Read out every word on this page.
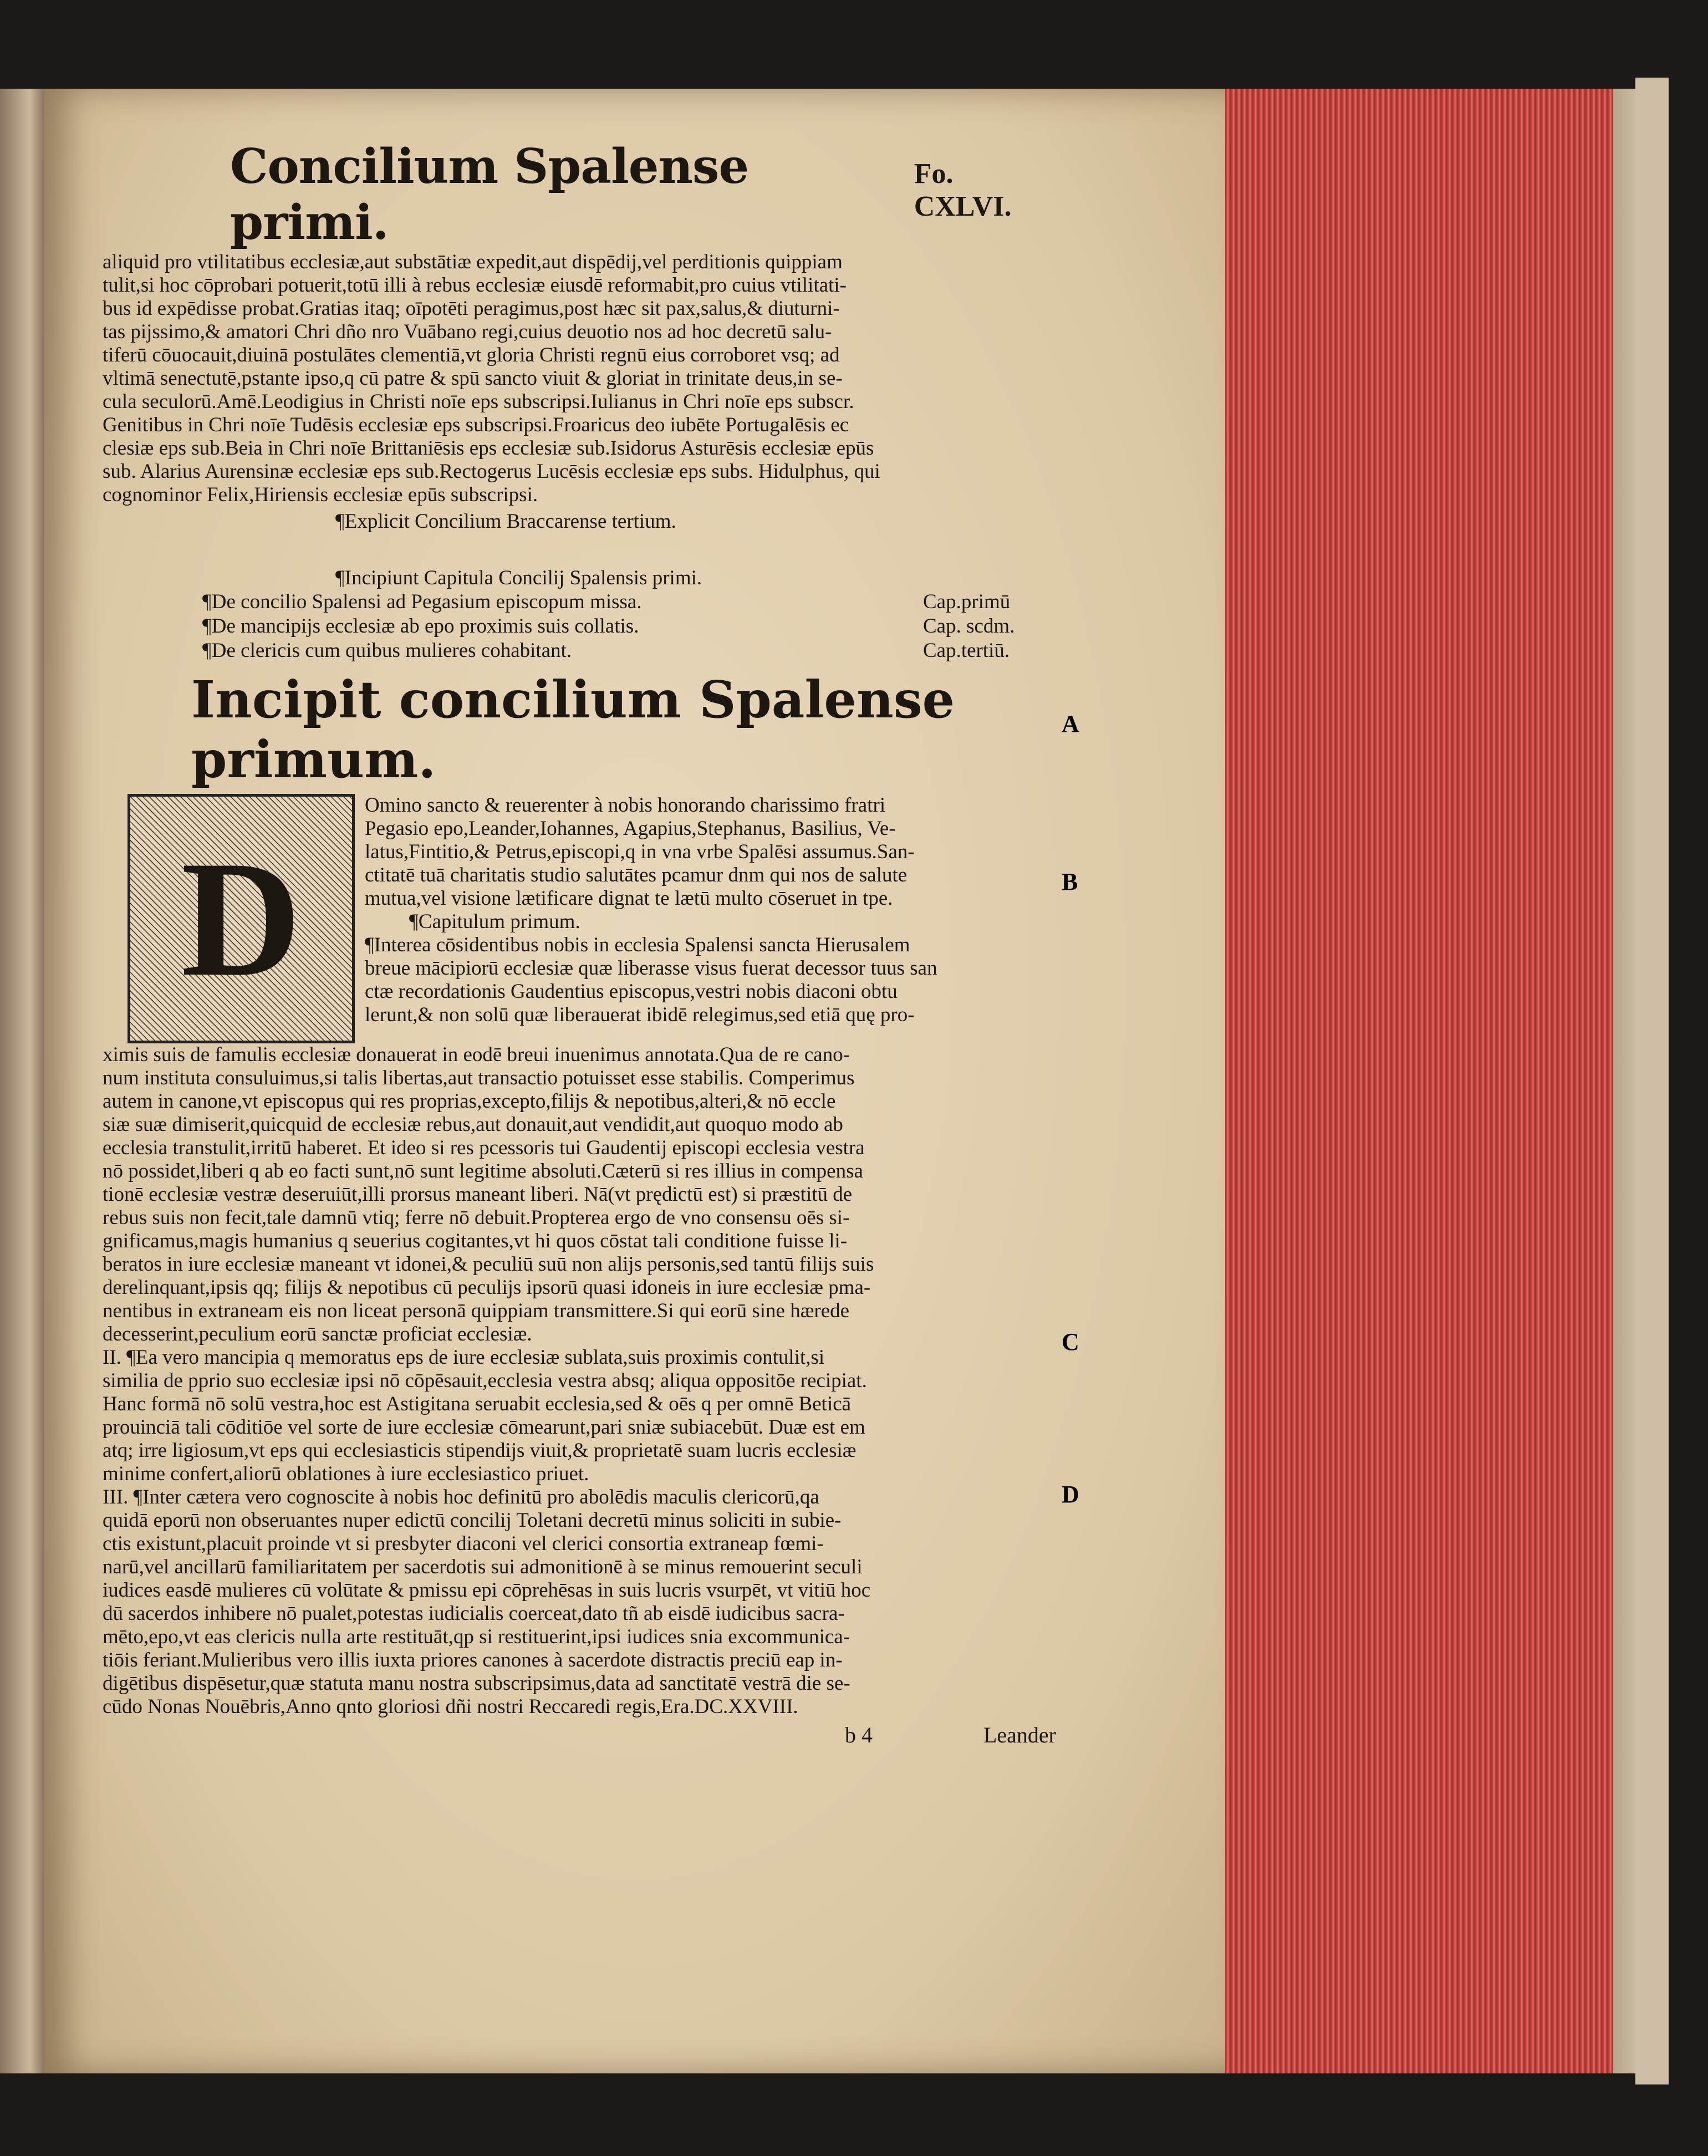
A
B
C
D
Concilium Spalense primi.
Fo. CXLVI.
aliquid pro vtilitatibus ecclesiæ,aut substātiæ expedit,aut dispēdij,vel perditionis quippiam
tulit,si hoc cōprobari potuerit,totū illi à rebus ecclesiæ eiusdē reformabit,pro cuius vtilitati-
bus id expēdisse probat.Gratias itaq; oīpotēti peragimus,post hæc sit pax,salus,& diuturni-
tas pijssimo,& amatori Chri dño nro Vuābano regi,cuius deuotio nos ad hoc decretū salu-
tiferū cōuocauit,diuinā postulātes clementiā,vt gloria Christi regnū eius corroboret vsq; ad
vltimā senectutē,pstante ipso,q cū patre & spū sancto viuit & gloriat in trinitate deus,in se-
cula seculorū.Amē.Leodigius in Christi noīe eps subscripsi.Iulianus in Chri noīe eps subscr.
Genitibus in Chri noīe Tudēsis ecclesiæ eps subscripsi.Froaricus deo iubēte Portugalēsis ec
clesiæ eps sub.Beia in Chri noīe Brittaniēsis eps ecclesiæ sub.Isidorus Asturēsis ecclesiæ epūs
sub. Alarius Aurensinæ ecclesiæ eps sub.Rectogerus Lucēsis ecclesiæ eps subs. Hidulphus, qui
cognominor Felix,Hiriensis ecclesiæ epūs subscripsi.
¶Explicit Concilium Braccarense tertium.
¶Incipiunt Capitula Concilij Spalensis primi.
¶De concilio Spalensi ad Pegasium episcopum missa.	Cap.primū
¶De mancipijs ecclesiæ ab epo proximis suis collatis.	Cap. scdm.
¶De clericis cum quibus mulieres cohabitant.	Cap.tertiū.
Incipit concilium Spalense primum.
D
Omino sancto & reuerenter à nobis honorando charissimo fratri
Pegasio epo,Leander,Iohannes, Agapius,Stephanus, Basilius, Ve-
latus,Fintitio,& Petrus,episcopi,q in vna vrbe Spalēsi assumus.San-
ctitatē tuā charitatis studio salutātes pcamur dnm qui nos de salute
mutua,vel visione lætificare dignat te lætū multo cōseruet in tpe.
¶Capitulum primum.
¶Interea cōsidentibus nobis in ecclesia Spalensi sancta Hierusalem
breue mācipiorū ecclesiæ quæ liberasse visus fuerat decessor tuus san
ctæ recordationis Gaudentius episcopus,vestri nobis diaconi obtu
lerunt,& non solū quæ liberauerat ibidē relegimus,sed etiā quę pro-
ximis suis de famulis ecclesiæ donauerat in eodē breui inuenimus annotata.Qua de re cano-
num instituta consuluimus,si talis libertas,aut transactio potuisset esse stabilis. Comperimus
autem in canone,vt episcopus qui res proprias,excepto,filijs & nepotibus,alteri,& nō eccle
siæ suæ dimiserit,quicquid de ecclesiæ rebus,aut donauit,aut vendidit,aut quoquo modo ab
ecclesia transtulit,irritū haberet. Et ideo si res pcessoris tui Gaudentij episcopi ecclesia vestra
nō possidet,liberi q ab eo facti sunt,nō sunt legitime absoluti.Cæterū si res illius in compensa
tionē ecclesiæ vestræ deseruiūt,illi prorsus maneant liberi. Nā(vt prędictū est) si præstitū de
rebus suis non fecit,tale damnū vtiq; ferre nō debuit.Propterea ergo de vno consensu oēs si-
gnificamus,magis humanius q seuerius cogitantes,vt hi quos cōstat tali conditione fuisse li-
beratos in iure ecclesiæ maneant vt idonei,& peculiū suū non alijs personis,sed tantū filijs suis
derelinquant,ipsis qq; filijs & nepotibus cū peculijs ipsorū quasi idoneis in iure ecclesiæ pma-
nentibus in extraneam eis non liceat personā quippiam transmittere.Si qui eorū sine hærede
decesserint,peculium eorū sanctæ proficiat ecclesiæ.
II. ¶Ea vero mancipia q memoratus eps de iure ecclesiæ sublata,suis proximis contulit,si
similia de pprio suo ecclesiæ ipsi nō cōpēsauit,ecclesia vestra absq; aliqua oppositōe recipiat.
Hanc formā nō solū vestra,hoc est Astigitana seruabit ecclesia,sed & oēs q per omnē Beticā
prouinciā tali cōditiōe vel sorte de iure ecclesiæ cōmearunt,pari sniæ subiacebūt. Duæ est em
atq; irre ligiosum,vt eps qui ecclesiasticis stipendijs viuit,& proprietatē suam lucris ecclesiæ
minime confert,aliorū oblationes à iure ecclesiastico priuet.
III. ¶Inter cætera vero cognoscite à nobis hoc definitū pro abolēdis maculis clericorū,qa
quidā eporū non obseruantes nuper edictū concilij Toletani decretū minus soliciti in subie-
ctis existunt,placuit proinde vt si presbyter diaconi vel clerici consortia extraneap fœmi-
narū,vel ancillarū familiaritatem per sacerdotis sui admonitionē à se minus remouerint seculi
iudices easdē mulieres cū volūtate & pmissu epi cōprehēsas in suis lucris vsurpēt, vt vitiū hoc
dū sacerdos inhibere nō pualet,potestas iudicialis coerceat,dato tñ ab eisdē iudicibus sacra-
mēto,epo,vt eas clericis nulla arte restituāt,qp si restituerint,ipsi iudices snia excommunica-
tiōis feriant.Mulieribus vero illis iuxta priores canones à sacerdote distractis preciū eap in-
digētibus dispēsetur,quæ statuta manu nostra subscripsimus,data ad sanctitatē vestrā die se-
cūdo Nonas Nouēbris,Anno qnto gloriosi dñi nostri Reccaredi regis,Era.DC.XXVIII.
b 4	Leander
